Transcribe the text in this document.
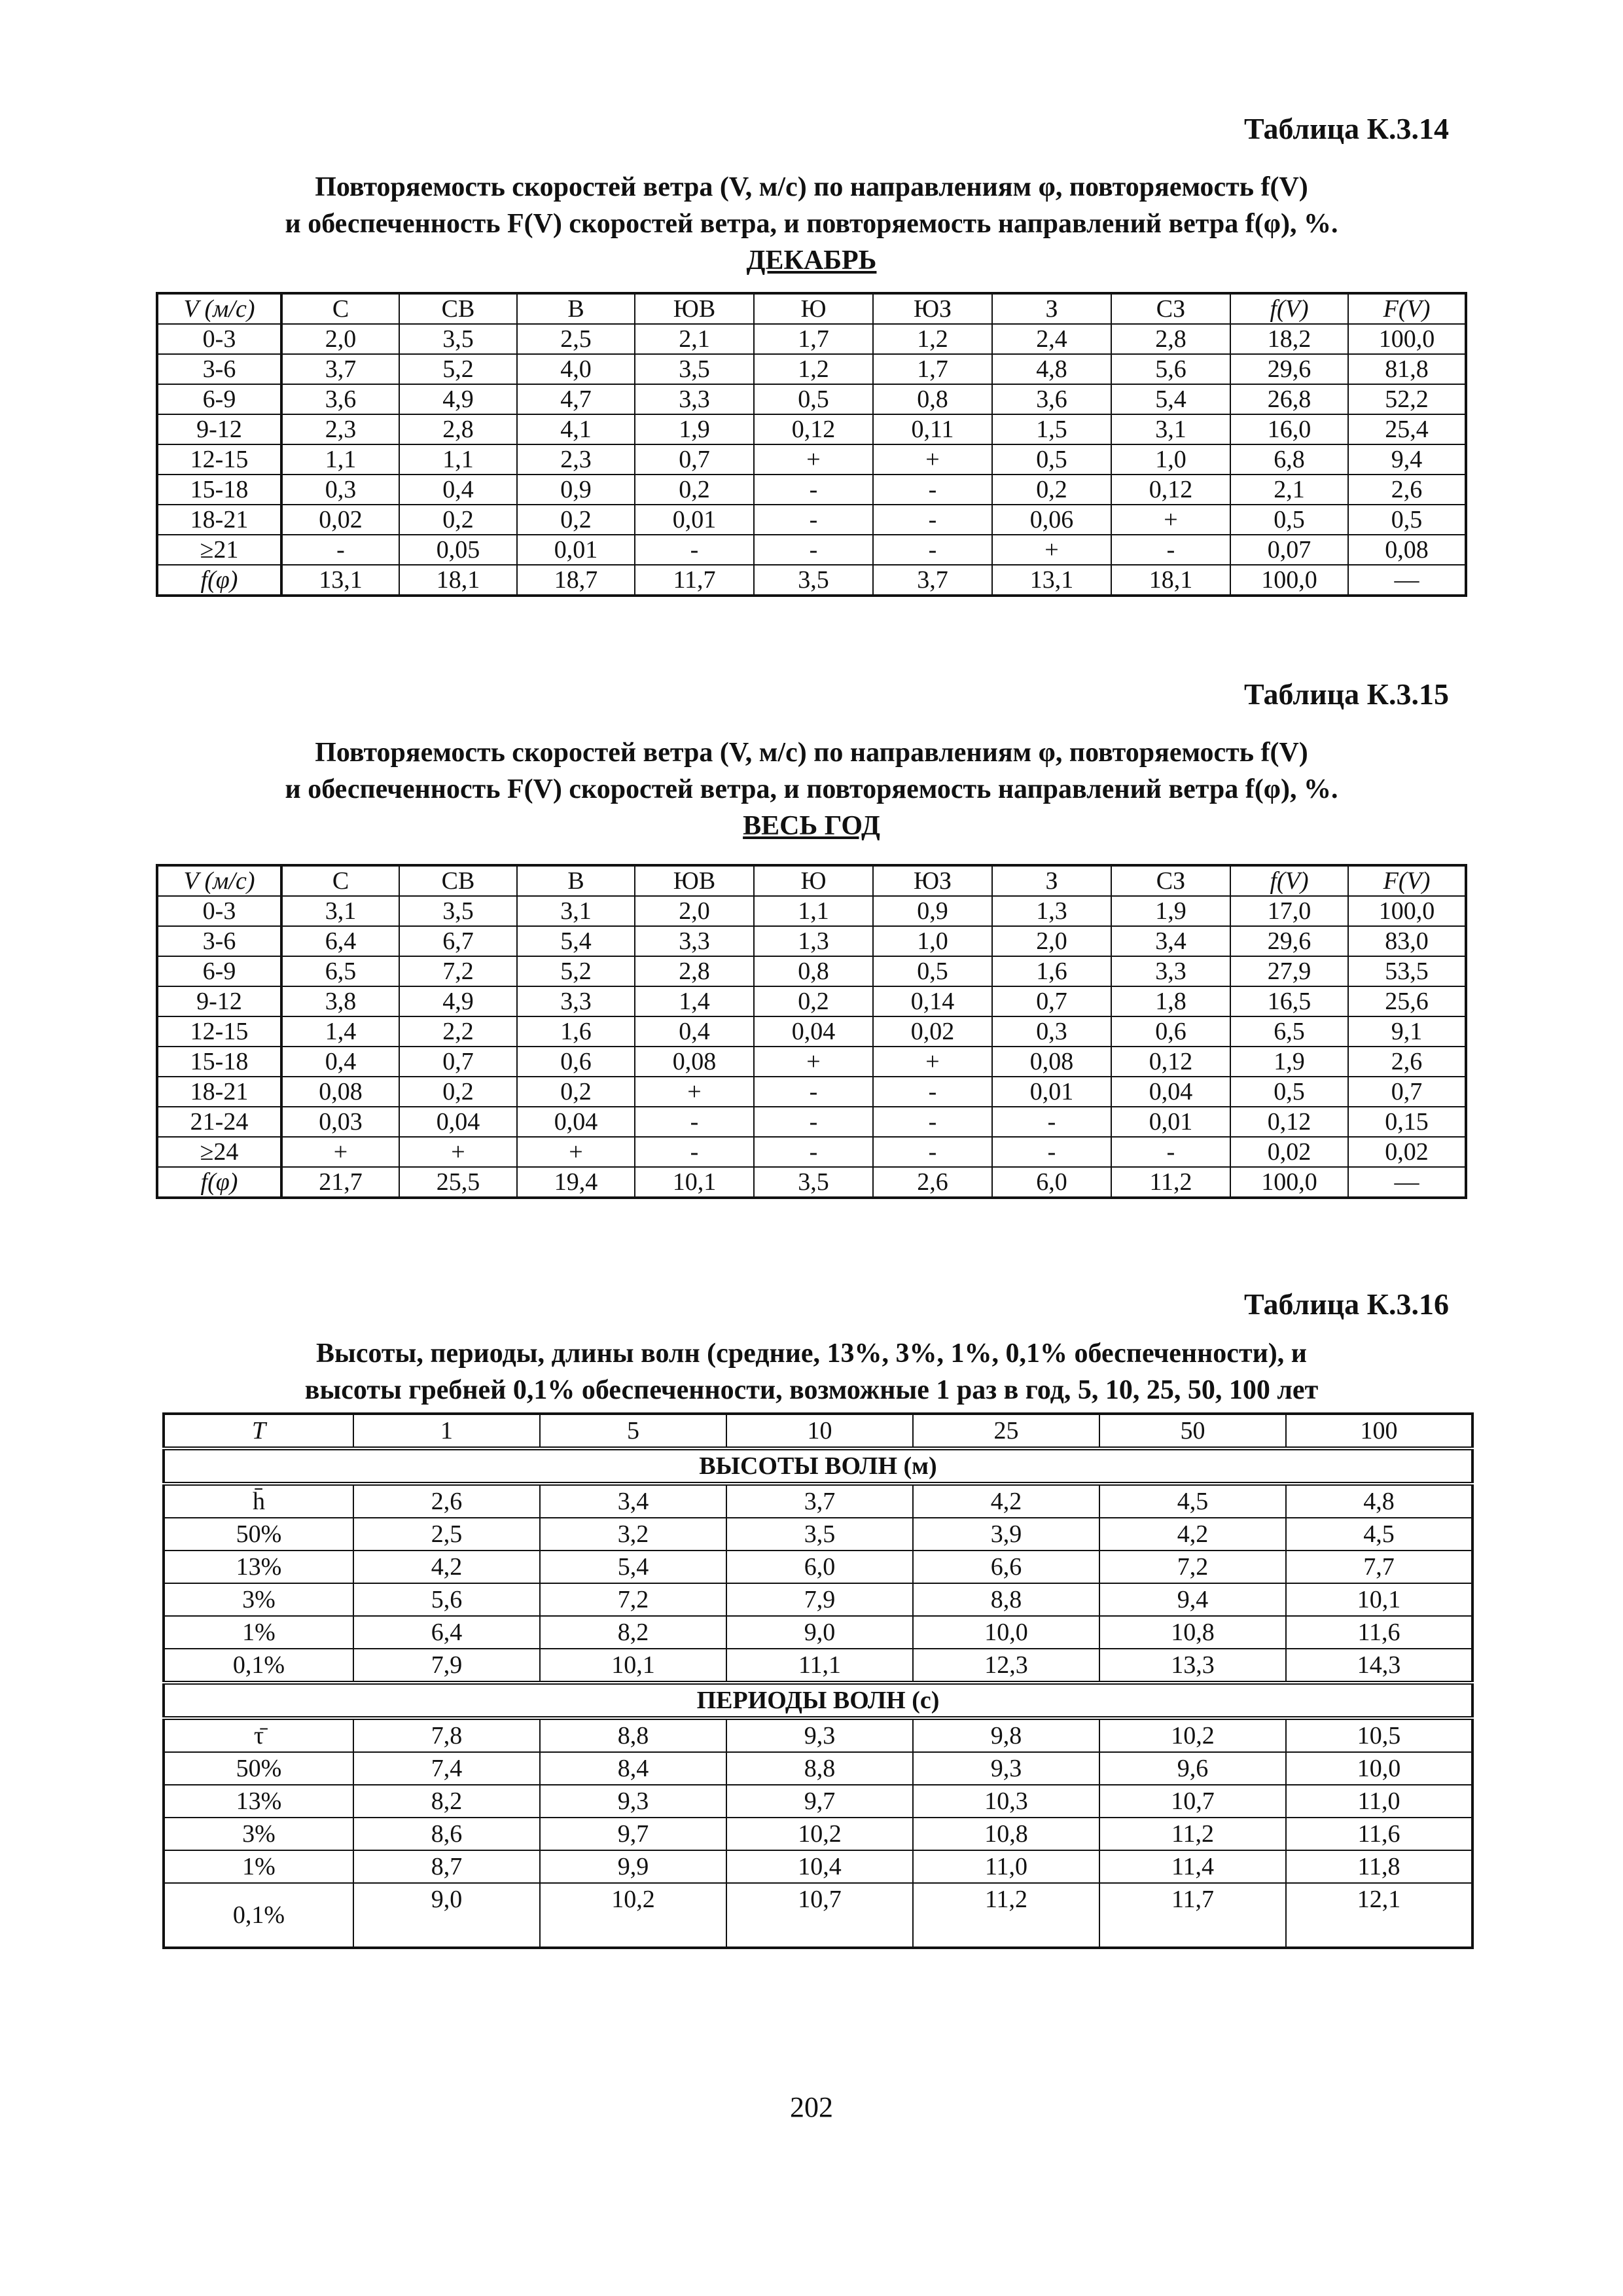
Таблица К.3.14
Повторяемость скоростей ветра (V, м/с) по направлениям φ, повторяемость f(V)
и обеспеченность F(V) скоростей ветра, и повторяемость направлений ветра f(φ), %.
ДЕКАБРЬ
V (м/с)	С	СВ	В	ЮВ	Ю	ЮЗ	З	СЗ	f(V)	F(V)
0-3	2,0	3,5	2,5	2,1	1,7	1,2	2,4	2,8	18,2	100,0
3-6	3,7	5,2	4,0	3,5	1,2	1,7	4,8	5,6	29,6	81,8
6-9	3,6	4,9	4,7	3,3	0,5	0,8	3,6	5,4	26,8	52,2
9-12	2,3	2,8	4,1	1,9	0,12	0,11	1,5	3,1	16,0	25,4
12-15	1,1	1,1	2,3	0,7	+	+	0,5	1,0	6,8	9,4
15-18	0,3	0,4	0,9	0,2	-	-	0,2	0,12	2,1	2,6
18-21	0,02	0,2	0,2	0,01	-	-	0,06	+	0,5	0,5
≥21	-	0,05	0,01	-	-	-	+	-	0,07	0,08
f(φ)	13,1	18,1	18,7	11,7	3,5	3,7	13,1	18,1	100,0	—
Таблица К.3.15
Повторяемость скоростей ветра (V, м/с) по направлениям φ, повторяемость f(V)
и обеспеченность F(V) скоростей ветра, и повторяемость направлений ветра f(φ), %.
ВЕСЬ ГОД
V (м/с)	С	СВ	В	ЮВ	Ю	ЮЗ	З	СЗ	f(V)	F(V)
0-3	3,1	3,5	3,1	2,0	1,1	0,9	1,3	1,9	17,0	100,0
3-6	6,4	6,7	5,4	3,3	1,3	1,0	2,0	3,4	29,6	83,0
6-9	6,5	7,2	5,2	2,8	0,8	0,5	1,6	3,3	27,9	53,5
9-12	3,8	4,9	3,3	1,4	0,2	0,14	0,7	1,8	16,5	25,6
12-15	1,4	2,2	1,6	0,4	0,04	0,02	0,3	0,6	6,5	9,1
15-18	0,4	0,7	0,6	0,08	+	+	0,08	0,12	1,9	2,6
18-21	0,08	0,2	0,2	+	-	-	0,01	0,04	0,5	0,7
21-24	0,03	0,04	0,04	-	-	-	-	0,01	0,12	0,15
≥24	+	+	+	-	-	-	-	-	0,02	0,02
f(φ)	21,7	25,5	19,4	10,1	3,5	2,6	6,0	11,2	100,0	—
Таблица К.3.16
Высоты, периоды, длины волн (средние, 13%, 3%, 1%, 0,1% обеспеченности), и
высоты гребней 0,1% обеспеченности, возможные 1 раз в год, 5, 10, 25, 50, 100 лет
T	1	5	10	25	50	100
ВЫСОТЫ ВОЛН (м)						
h̄	2,6	3,4	3,7	4,2	4,5	4,8
50%	2,5	3,2	3,5	3,9	4,2	4,5
13%	4,2	5,4	6,0	6,6	7,2	7,7
3%	5,6	7,2	7,9	8,8	9,4	10,1
1%	6,4	8,2	9,0	10,0	10,8	11,6
0,1%	7,9	10,1	11,1	12,3	13,3	14,3
ПЕРИОДЫ ВОЛН (с)						
τ̄	7,8	8,8	9,3	9,8	10,2	10,5
50%	7,4	8,4	8,8	9,3	9,6	10,0
13%	8,2	9,3	9,7	10,3	10,7	11,0
3%	8,6	9,7	10,2	10,8	11,2	11,6
1%	8,7	9,9	10,4	11,0	11,4	11,8
0,1%	9,0	10,2	10,7	11,2	11,7	12,1
202
